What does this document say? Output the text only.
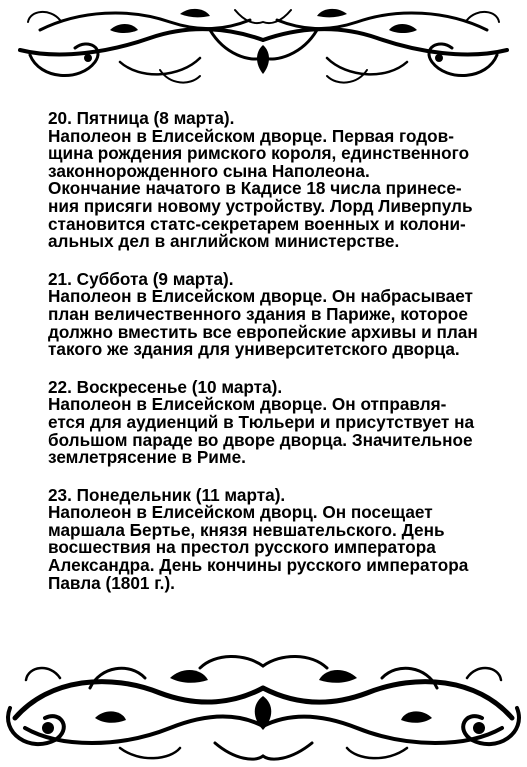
20. Пятница (8 марта).
Наполеон в Елисейском дворце. Первая годов-
щина рождения римского короля, единственного
законнорожденного сына Наполеона.
Окончание начатого в Кадисе 18 числа принесе-
ния присяги новому устройству. Лорд Ливерпуль
становится статс-секретарем военных и колони-
альных дел в английском министерстве.
21. Суббота (9 марта).
Наполеон в Елисейском дворце. Он набрасывает
план величественного здания в Париже, которое
должно вместить все европейские архивы и план
такого же здания для университетского дворца.
22. Воскресенье (10 марта).
Наполеон в Елисейском дворце. Он отправля-
ется для аудиенций в Тюльери и присутствует на
большом параде во дворе дворца. Значительное
землетрясение в Риме.
23. Понедельник (11 марта).
Наполеон в Елисейском дворц. Он посещает
маршала Бертье, князя невшательского. День
восшествия на престол русского императора
Александра. День кончины русского императора
Павла (1801 г.).
